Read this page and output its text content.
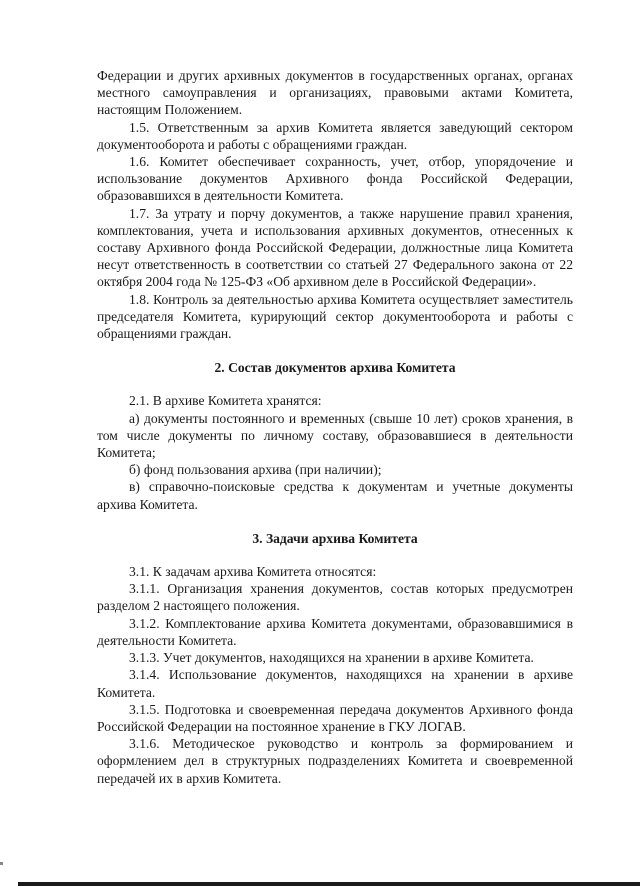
Федерации и других архивных документов в государственных органах, органах местного самоуправления и организациях, правовыми актами Комитета, настоящим Положением.

1.5. Ответственным за архив Комитета является заведующий сектором документооборота и работы с обращениями граждан.

1.6. Комитет обеспечивает сохранность, учет, отбор, упорядочение и использование документов Архивного фонда Российской Федерации, образовавшихся в деятельности Комитета.

1.7. За утрату и порчу документов, а также нарушение правил хранения, комплектования, учета и использования архивных документов, отнесенных к составу Архивного фонда Российской Федерации, должностные лица Комитета несут ответственность в соответствии со статьей 27 Федерального закона от 22 октября 2004 года № 125-ФЗ «Об архивном деле в Российской Федерации».

1.8. Контроль за деятельностью архива Комитета осуществляет заместитель председателя Комитета, курирующий сектор документооборота и работы с обращениями граждан.

2. Состав документов архива Комитета

2.1. В архиве Комитета хранятся:

а) документы постоянного и временных (свыше 10 лет) сроков хранения, в том числе документы по личному составу, образовавшиеся в деятельности Комитета;

б) фонд пользования архива (при наличии);

в) справочно-поисковые средства к документам и учетные документы архива Комитета.

3. Задачи архива Комитета

3.1. К задачам архива Комитета относятся:

3.1.1. Организация хранения документов, состав которых предусмотрен разделом 2 настоящего положения.

3.1.2. Комплектование архива Комитета документами, образовавшимися в деятельности Комитета.

3.1.3. Учет документов, находящихся на хранении в архиве Комитета.

3.1.4. Использование документов, находящихся на хранении в архиве Комитета.

3.1.5. Подготовка и своевременная передача документов Архивного фонда Российской Федерации на постоянное хранение в ГКУ ЛОГАВ.

3.1.6. Методическое руководство и контроль за формированием и оформлением дел в структурных подразделениях Комитета и своевременной передачей их в архив Комитета.
